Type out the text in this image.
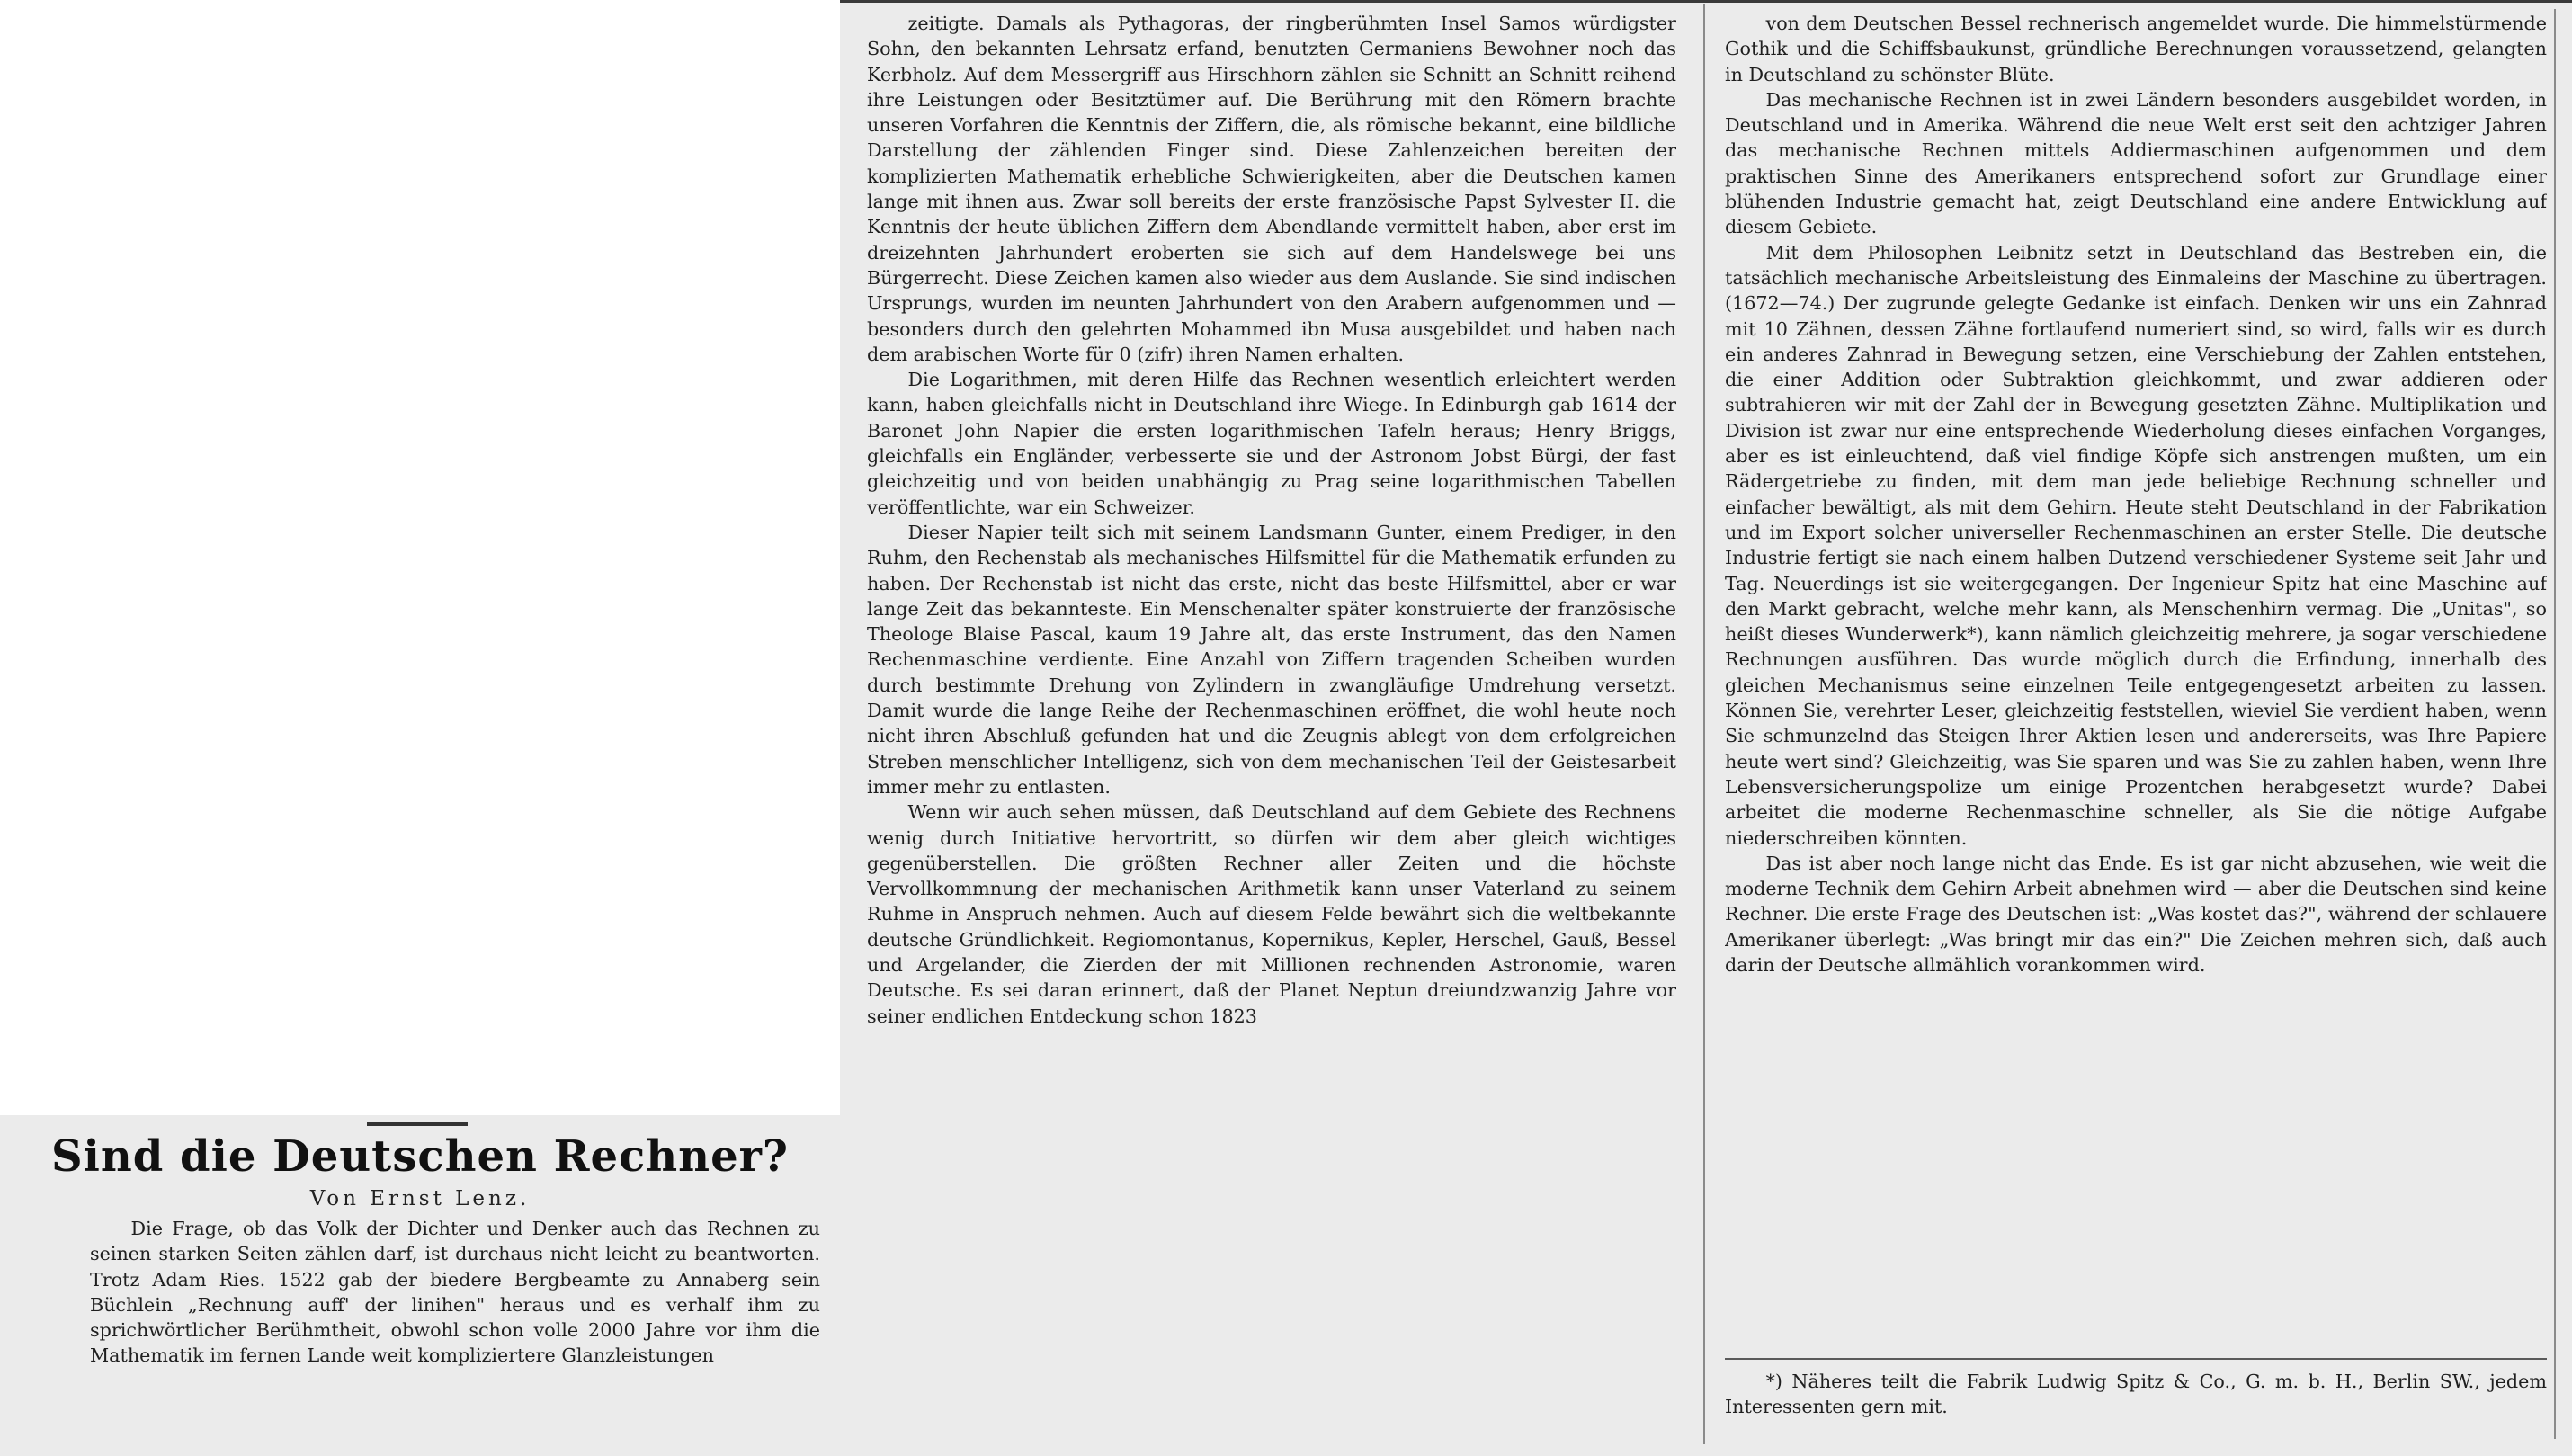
Sind die Deutschen Rechner?
Von Ernst Lenz.

Die Frage, ob das Volk der Dichter und Denker auch das Rechnen zu seinen starken Seiten zählen darf, ist durchaus nicht leicht zu beantworten. Trotz Adam Ries. 1522 gab der biedere Bergbeamte zu Annaberg sein Büchlein „Rechnung auff' der linihen" heraus und es verhalf ihm zu sprichwörtlicher Berühmtheit, obwohl schon volle 2000 Jahre vor ihm die Mathematik im fernen Lande weit kompliziertere Glanzleistungen

zeitigte. Damals als Pythagoras, der ringberühmten Insel Samos würdigster Sohn, den bekannten Lehrsatz erfand, benutzten Germaniens Bewohner noch das Kerbholz. Auf dem Messergriff aus Hirschhorn zählen sie Schnitt an Schnitt reihend ihre Leistungen oder Besitztümer auf. Die Berührung mit den Römern brachte unseren Vorfahren die Kenntnis der Ziffern, die, als römische bekannt, eine bildliche Darstellung der zählenden Finger sind. Diese Zahlenzeichen bereiten der komplizierten Mathematik erhebliche Schwierigkeiten, aber die Deutschen kamen lange mit ihnen aus. Zwar soll bereits der erste französische Papst Sylvester II. die Kenntnis der heute üblichen Ziffern dem Abendlande vermittelt haben, aber erst im dreizehnten Jahrhundert eroberten sie sich auf dem Handelswege bei uns Bürgerrecht. Diese Zeichen kamen also wieder aus dem Auslande. Sie sind indischen Ursprungs, wurden im neunten Jahrhundert von den Arabern aufgenommen und — besonders durch den gelehrten Mohammed ibn Musa ausgebildet und haben nach dem arabischen Worte für 0 (zifr) ihren Namen erhalten.

Die Logarithmen, mit deren Hilfe das Rechnen wesentlich erleichtert werden kann, haben gleichfalls nicht in Deutschland ihre Wiege. In Edinburgh gab 1614 der Baronet John Napier die ersten logarithmischen Tafeln heraus; Henry Briggs, gleichfalls ein Engländer, verbesserte sie und der Astronom Jobst Bürgi, der fast gleichzeitig und von beiden unabhängig zu Prag seine logarithmischen Tabellen veröffentlichte, war ein Schweizer.

Dieser Napier teilt sich mit seinem Landsmann Gunter, einem Prediger, in den Ruhm, den Rechenstab als mechanisches Hilfsmittel für die Mathematik erfunden zu haben. Der Rechenstab ist nicht das erste, nicht das beste Hilfsmittel, aber er war lange Zeit das bekannteste. Ein Menschenalter später konstruierte der französische Theologe Blaise Pascal, kaum 19 Jahre alt, das erste Instrument, das den Namen Rechenmaschine verdiente. Eine Anzahl von Ziffern tragenden Scheiben wurden durch bestimmte Drehung von Zylindern in zwangläufige Umdrehung versetzt. Damit wurde die lange Reihe der Rechenmaschinen eröffnet, die wohl heute noch nicht ihren Abschluß gefunden hat und die Zeugnis ablegt von dem erfolgreichen Streben menschlicher Intelligenz, sich von dem mechanischen Teil der Geistesarbeit immer mehr zu entlasten.

Wenn wir auch sehen müssen, daß Deutschland auf dem Gebiete des Rechnens wenig durch Initiative hervortritt, so dürfen wir dem aber gleich wichtiges gegenüberstellen. Die größten Rechner aller Zeiten und die höchste Vervollkommnung der mechanischen Arithmetik kann unser Vaterland zu seinem Ruhme in Anspruch nehmen. Auch auf diesem Felde bewährt sich die weltbekannte deutsche Gründlichkeit. Regiomontanus, Kopernikus, Kepler, Herschel, Gauß, Bessel und Argelander, die Zierden der mit Millionen rechnenden Astronomie, waren Deutsche. Es sei daran erinnert, daß der Planet Neptun dreiundzwanzig Jahre vor seiner endlichen Entdeckung schon 1823

von dem Deutschen Bessel rechnerisch angemeldet wurde. Die himmelstürmende Gothik und die Schiffsbaukunst, gründliche Berechnungen voraussetzend, gelangten in Deutschland zu schönster Blüte.

Das mechanische Rechnen ist in zwei Ländern besonders ausgebildet worden, in Deutschland und in Amerika. Während die neue Welt erst seit den achtziger Jahren das mechanische Rechnen mittels Addiermaschinen aufgenommen und dem praktischen Sinne des Amerikaners entsprechend sofort zur Grundlage einer blühenden Industrie gemacht hat, zeigt Deutschland eine andere Entwicklung auf diesem Gebiete.

Mit dem Philosophen Leibnitz setzt in Deutschland das Bestreben ein, die tatsächlich mechanische Arbeitsleistung des Einmaleins der Maschine zu übertragen. (1672—74.) Der zugrunde gelegte Gedanke ist einfach. Denken wir uns ein Zahnrad mit 10 Zähnen, dessen Zähne fortlaufend numeriert sind, so wird, falls wir es durch ein anderes Zahnrad in Bewegung setzen, eine Verschiebung der Zahlen entstehen, die einer Addition oder Subtraktion gleichkommt, und zwar addieren oder subtrahieren wir mit der Zahl der in Bewegung gesetzten Zähne. Multiplikation und Division ist zwar nur eine entsprechende Wiederholung dieses einfachen Vorganges, aber es ist einleuchtend, daß viel findige Köpfe sich anstrengen mußten, um ein Rädergetriebe zu finden, mit dem man jede beliebige Rechnung schneller und einfacher bewältigt, als mit dem Gehirn. Heute steht Deutschland in der Fabrikation und im Export solcher universeller Rechenmaschinen an erster Stelle. Die deutsche Industrie fertigt sie nach einem halben Dutzend verschiedener Systeme seit Jahr und Tag. Neuerdings ist sie weitergegangen. Der Ingenieur Spitz hat eine Maschine auf den Markt gebracht, welche mehr kann, als Menschenhirn vermag. Die „Unitas", so heißt dieses Wunderwerk*), kann nämlich gleichzeitig mehrere, ja sogar verschiedene Rechnungen ausführen. Das wurde möglich durch die Erfindung, innerhalb des gleichen Mechanismus seine einzelnen Teile entgegengesetzt arbeiten zu lassen. Können Sie, verehrter Leser, gleichzeitig feststellen, wieviel Sie verdient haben, wenn Sie schmunzelnd das Steigen Ihrer Aktien lesen und andererseits, was Ihre Papiere heute wert sind? Gleichzeitig, was Sie sparen und was Sie zu zahlen haben, wenn Ihre Lebensversicherungspolize um einige Prozentchen herabgesetzt wurde? Dabei arbeitet die moderne Rechenmaschine schneller, als Sie die nötige Aufgabe niederschreiben könnten.

Das ist aber noch lange nicht das Ende. Es ist gar nicht abzusehen, wie weit die moderne Technik dem Gehirn Arbeit abnehmen wird — aber die Deutschen sind keine Rechner. Die erste Frage des Deutschen ist: „Was kostet das?", während der schlauere Amerikaner überlegt: „Was bringt mir das ein?" Die Zeichen mehren sich, daß auch darin der Deutsche allmählich vorankommen wird.

*) Näheres teilt die Fabrik Ludwig Spitz & Co., G. m. b. H., Berlin SW., jedem Interessenten gern mit.
